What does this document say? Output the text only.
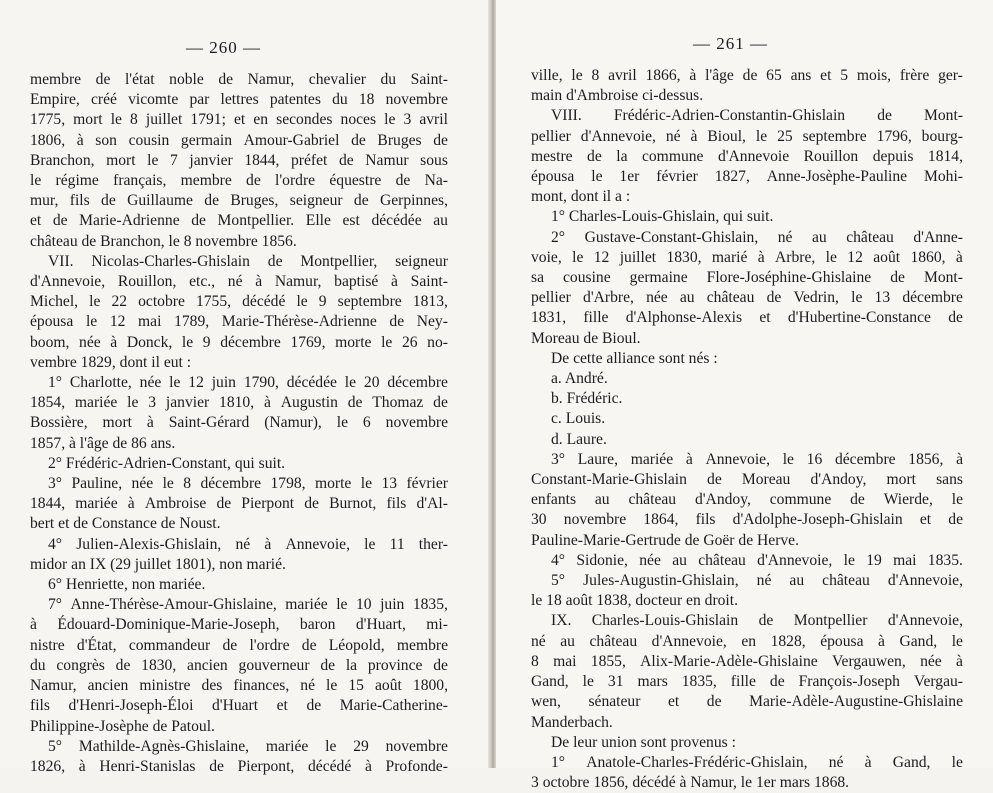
— 260 —
membre de l'état noble de Namur, chevalier du Saint-
Empire, créé vicomte par lettres patentes du 18 novembre
1775, mort le 8 juillet 1791; et en secondes noces le 3 avril
1806, à son cousin germain Amour-Gabriel de Bruges de
Branchon, mort le 7 janvier 1844, préfet de Namur sous
le régime français, membre de l'ordre équestre de Na-
mur, fils de Guillaume de Bruges, seigneur de Gerpinnes,
et de Marie-Adrienne de Montpellier. Elle est décédée au
château de Branchon, le 8 novembre 1856.
VII. Nicolas-Charles-Ghislain de Montpellier, seigneur
d'Annevoie, Rouillon, etc., né à Namur, baptisé à Saint-
Michel, le 22 octobre 1755, décédé le 9 septembre 1813,
épousa le 12 mai 1789, Marie-Thérèse-Adrienne de Ney-
boom, née à Donck, le 9 décembre 1769, morte le 26 no-
vembre 1829, dont il eut :
1° Charlotte, née le 12 juin 1790, décédée le 20 décembre
1854, mariée le 3 janvier 1810, à Augustin de Thomaz de
Bossière, mort à Saint-Gérard (Namur), le 6 novembre
1857, à l'âge de 86 ans.
2° Frédéric-Adrien-Constant, qui suit.
3° Pauline, née le 8 décembre 1798, morte le 13 février
1844, mariée à Ambroise de Pierpont de Burnot, fils d'Al-
bert et de Constance de Noust.
4° Julien-Alexis-Ghislain, né à Annevoie, le 11 ther-
midor an IX (29 juillet 1801), non marié.
6° Henriette, non mariée.
7° Anne-Thérèse-Amour-Ghislaine, mariée le 10 juin 1835,
à Édouard-Dominique-Marie-Joseph, baron d'Huart, mi-
nistre d'État, commandeur de l'ordre de Léopold, membre
du congrès de 1830, ancien gouverneur de la province de
Namur, ancien ministre des finances, né le 15 août 1800,
fils d'Henri-Joseph-Éloi d'Huart et de Marie-Catherine-
Philippine-Josèphe de Patoul.
5° Mathilde-Agnès-Ghislaine, mariée le 29 novembre
1826, à Henri-Stanislas de Pierpont, décédé à Profonde-
— 261 —
ville, le 8 avril 1866, à l'âge de 65 ans et 5 mois, frère ger-
main d'Ambroise ci-dessus.
VIII. Frédéric-Adrien-Constantin-Ghislain de Mont-
pellier d'Annevoie, né à Bioul, le 25 septembre 1796, bourg-
mestre de la commune d'Annevoie Rouillon depuis 1814,
épousa le 1er février 1827, Anne-Josèphe-Pauline Mohi-
mont, dont il a :
1° Charles-Louis-Ghislain, qui suit.
2° Gustave-Constant-Ghislain, né au château d'Anne-
voie, le 12 juillet 1830, marié à Arbre, le 12 août 1860, à
sa cousine germaine Flore-Joséphine-Ghislaine de Mont-
pellier d'Arbre, née au château de Vedrin, le 13 décembre
1831, fille d'Alphonse-Alexis et d'Hubertine-Constance de
Moreau de Bioul.
De cette alliance sont nés :
a. André.
b. Frédéric.
c. Louis.
d. Laure.
3° Laure, mariée à Annevoie, le 16 décembre 1856, à
Constant-Marie-Ghislain de Moreau d'Andoy, mort sans
enfants au château d'Andoy, commune de Wierde, le
30 novembre 1864, fils d'Adolphe-Joseph-Ghislain et de
Pauline-Marie-Gertrude de Goër de Herve.
4° Sidonie, née au château d'Annevoie, le 19 mai 1835.
5° Jules-Augustin-Ghislain, né au château d'Annevoie,
le 18 août 1838, docteur en droit.
IX. Charles-Louis-Ghislain de Montpellier d'Annevoie,
né au château d'Annevoie, en 1828, épousa à Gand, le
8 mai 1855, Alix-Marie-Adèle-Ghislaine Vergauwen, née à
Gand, le 31 mars 1835, fille de François-Joseph Vergau-
wen, sénateur et de Marie-Adèle-Augustine-Ghislaine
Manderbach.
De leur union sont provenus :
1° Anatole-Charles-Frédéric-Ghislain, né à Gand, le
3 octobre 1856, décédé à Namur, le 1er mars 1868.
